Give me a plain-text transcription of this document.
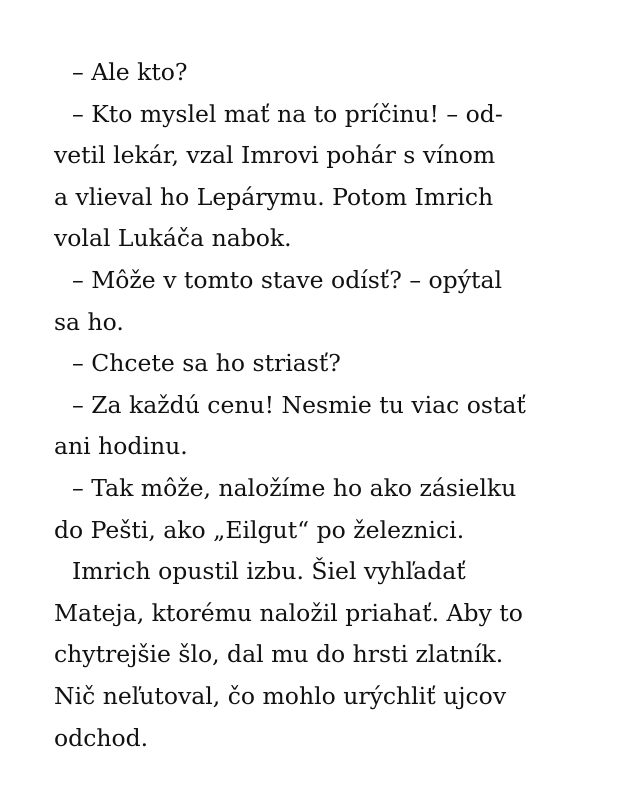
– Ale kto?
– Kto myslel mať na to príčinu! – od-
vetil lekár, vzal Imrovi pohár s vínom
a vlieval ho Lepárymu. Potom Imrich
volal Lukáča nabok.
– Môže v tomto stave odísť? – opýtal
sa ho.
– Chcete sa ho striasť?
– Za každú cenu! Nesmie tu viac ostať
ani hodinu.
– Tak môže, naložíme ho ako zásielku
do Pešti, ako „Eilgut“ po železnici.
Imrich opustil izbu. Šiel vyhľadať
Mateja, ktorému naložil priahať. Aby to
chytrejšie šlo, dal mu do hrsti zlatník.
Nič neľutoval, čo mohlo urýchliť ujcov
odchod.
